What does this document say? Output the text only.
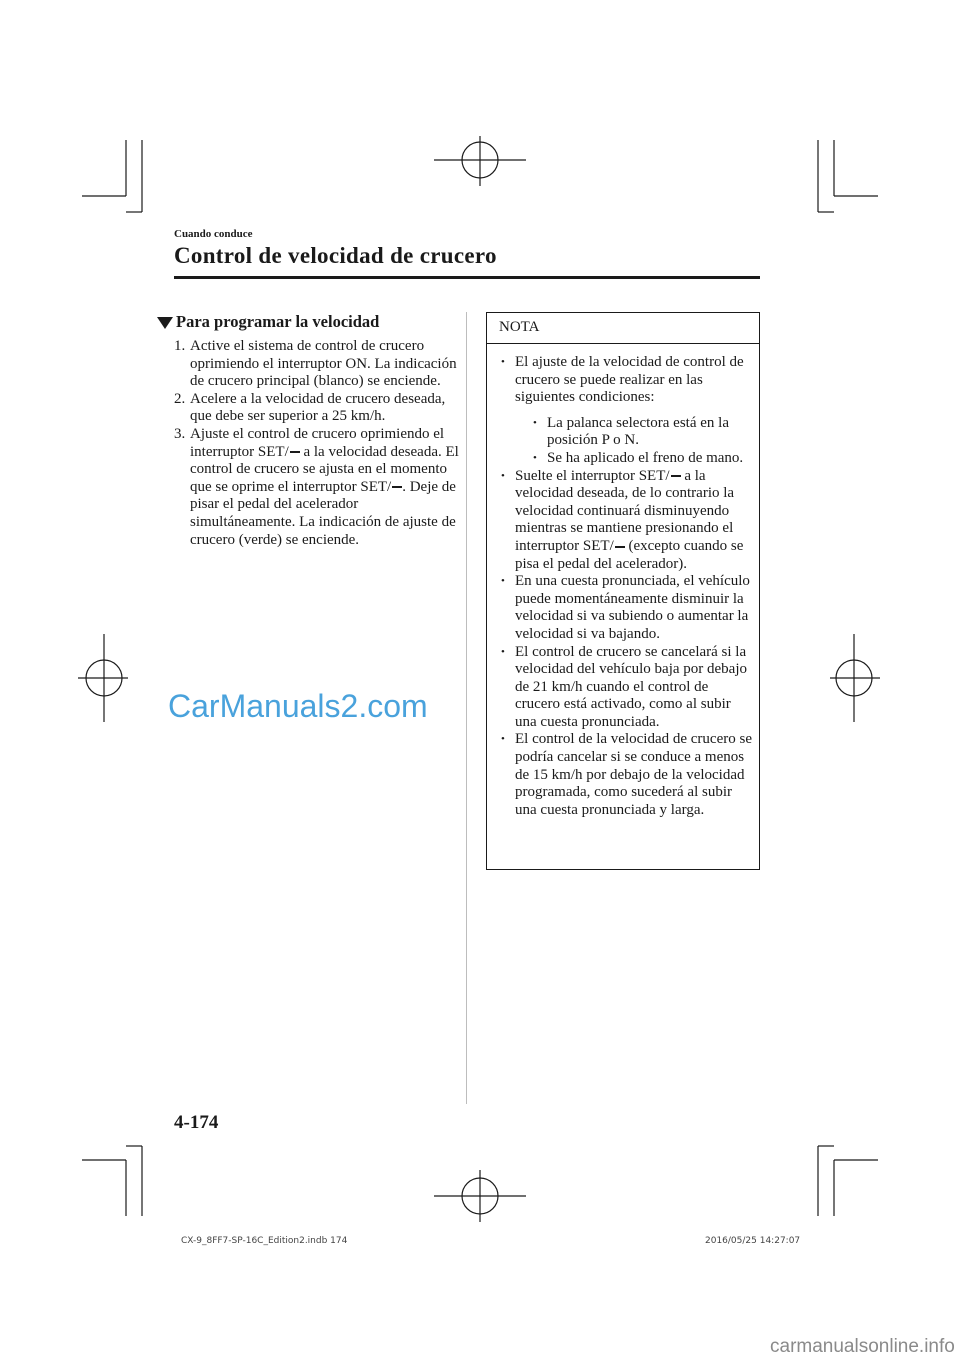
Cuando conduce
Control de velocidad de crucero
Para programar la velocidad
1. Active el sistema de control de crucero oprimiendo el interruptor ON. La indicación de crucero principal (blanco) se enciende.
2. Acelere a la velocidad de crucero deseada, que debe ser superior a 25 km/h.
3. Ajuste el control de crucero oprimiendo el interruptor SET/ a la velocidad deseada. El control de crucero se ajusta en el momento que se oprime el interruptor SET/ . Deje de pisar el pedal del acelerador simultáneamente. La indicación de ajuste de crucero (verde) se enciende.
NOTA
• El ajuste de la velocidad de control de crucero se puede realizar en las siguientes condiciones:
• La palanca selectora está en la posición P o N.
• Se ha aplicado el freno de mano.
• Suelte el interruptor SET/ a la velocidad deseada, de lo contrario la velocidad continuará disminuyendo mientras se mantiene presionando el interruptor SET/ (excepto cuando se pisa el pedal del acelerador).
• En una cuesta pronunciada, el vehículo puede momentáneamente disminuir la velocidad si va subiendo o aumentar la velocidad si va bajando.
• El control de crucero se cancelará si la velocidad del vehículo baja por debajo de 21 km/h cuando el control de crucero está activado, como al subir una cuesta pronunciada.
• El control de la velocidad de crucero se podría cancelar si se conduce a menos de 15 km/h por debajo de la velocidad programada, como sucederá al subir una cuesta pronunciada y larga.
CarManuals2.com
4-174
CX-9_8FF7-SP-16C_Edition2.indb 174	2016/05/25 14:27:07
carmanualsonline.info
